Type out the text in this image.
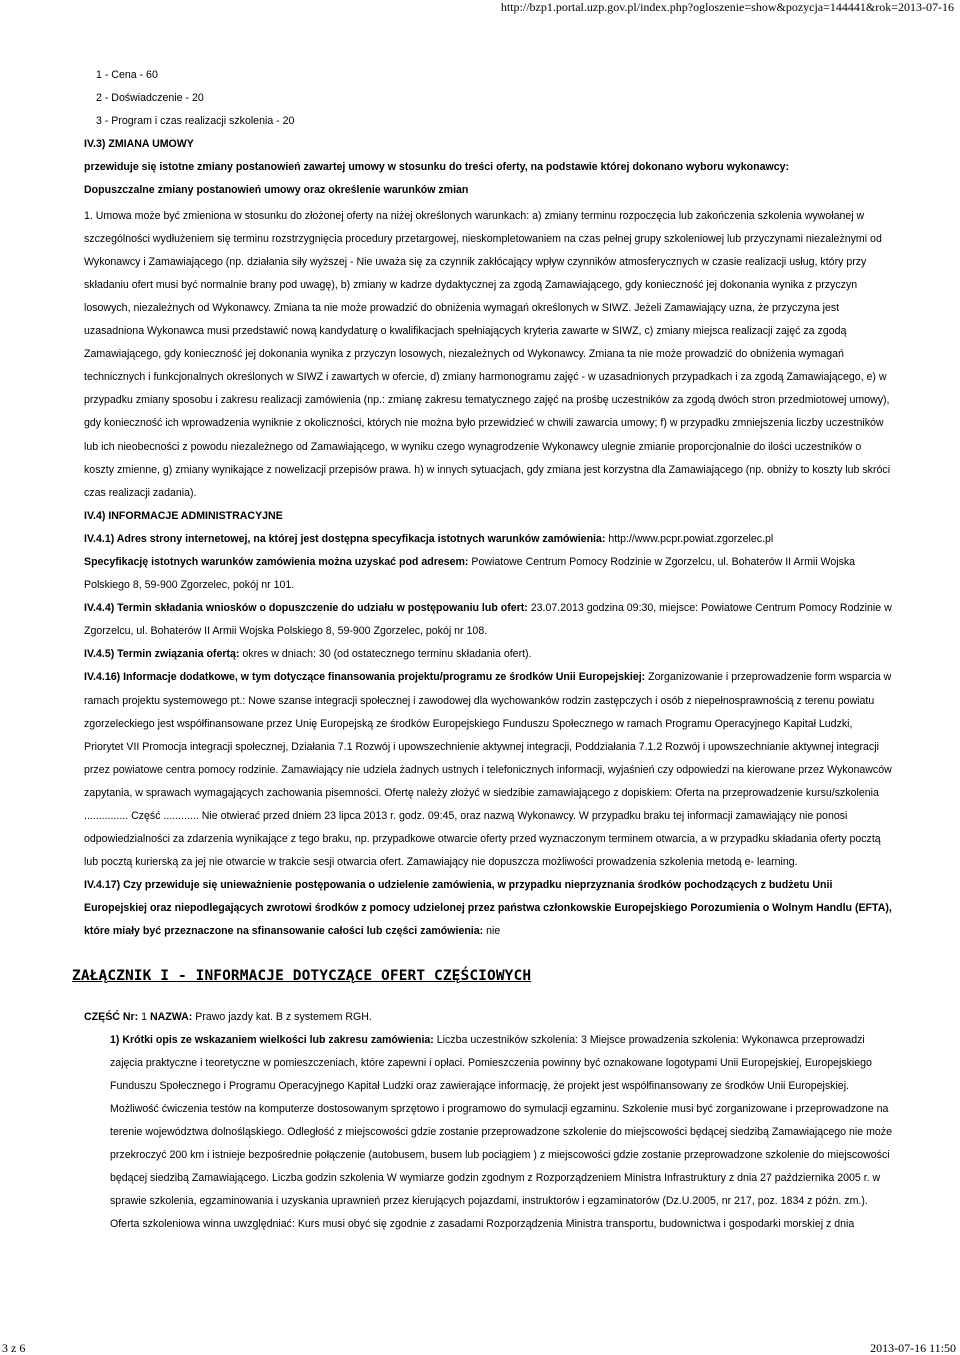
http://bzp1.portal.uzp.gov.pl/index.php?ogloszenie=show&pozycja=144441&rok=2013-07-16

1 - Cena - 60

2 - Doświadczenie - 20

3 - Program i czas realizacji szkolenia - 20

IV.3) ZMIANA UMOWY

przewiduje się istotne zmiany postanowień zawartej umowy w stosunku do treści oferty, na podstawie której dokonano wyboru wykonawcy:

Dopuszczalne zmiany postanowień umowy oraz określenie warunków zmian

1. Umowa może być zmieniona w stosunku do złożonej oferty na niżej określonych warunkach: a) zmiany terminu rozpoczęcia lub zakończenia szkolenia wywołanej w szczególności wydłużeniem się terminu rozstrzygnięcia procedury przetargowej, nieskompletowaniem na czas pełnej grupy szkoleniowej lub przyczynami niezależnymi od Wykonawcy i Zamawiającego (np. działania siły wyższej - Nie uważa się za czynnik zakłócający wpływ czynników atmosferycznych w czasie realizacji usług, który przy składaniu ofert musi być normalnie brany pod uwagę), b) zmiany w kadrze dydaktycznej za zgodą Zamawiającego, gdy konieczność jej dokonania wynika z przyczyn losowych, niezależnych od Wykonawcy. Zmiana ta nie może prowadzić do obniżenia wymagań określonych w SIWZ. Jeżeli Zamawiający uzna, że przyczyna jest uzasadniona Wykonawca musi przedstawić nową kandydaturę o kwalifikacjach spełniających kryteria zawarte w SIWZ, c) zmiany miejsca realizacji zajęć za zgodą Zamawiającego, gdy konieczność jej dokonania wynika z przyczyn losowych, niezależnych od Wykonawcy. Zmiana ta nie może prowadzić do obniżenia wymagań technicznych i funkcjonalnych określonych w SIWZ i zawartych w ofercie, d) zmiany harmonogramu zajęć - w uzasadnionych przypadkach i za zgodą Zamawiającego, e) w przypadku zmiany sposobu i zakresu realizacji zamówienia (np.: zmianę zakresu tematycznego zajęć na prośbę uczestników za zgodą dwóch stron przedmiotowej umowy), gdy konieczność ich wprowadzenia wyniknie z okoliczności, których nie można było przewidzieć w chwili zawarcia umowy; f) w przypadku zmniejszenia liczby uczestników lub ich nieobecności z powodu niezależnego od Zamawiającego, w wyniku czego wynagrodzenie Wykonawcy ulegnie zmianie proporcjonalnie do ilości uczestników o koszty zmienne, g) zmiany wynikające z nowelizacji przepisów prawa. h) w innych sytuacjach, gdy zmiana jest korzystna dla Zamawiającego (np. obniży to koszty lub skróci czas realizacji zadania).

IV.4) INFORMACJE ADMINISTRACYJNE

IV.4.1) Adres strony internetowej, na której jest dostępna specyfikacja istotnych warunków zamówienia: http://www.pcpr.powiat.zgorzelec.pl

Specyfikację istotnych warunków zamówienia można uzyskać pod adresem: Powiatowe Centrum Pomocy Rodzinie w Zgorzelcu, ul. Bohaterów II Armii Wojska Polskiego 8, 59-900 Zgorzelec, pokój nr 101.

IV.4.4) Termin składania wniosków o dopuszczenie do udziału w postępowaniu lub ofert: 23.07.2013 godzina 09:30, miejsce: Powiatowe Centrum Pomocy Rodzinie w Zgorzelcu, ul. Bohaterów II Armii Wojska Polskiego 8, 59-900 Zgorzelec, pokój nr 108.

IV.4.5) Termin związania ofertą: okres w dniach: 30 (od ostatecznego terminu składania ofert).

IV.4.16) Informacje dodatkowe, w tym dotyczące finansowania projektu/programu ze środków Unii Europejskiej: Zorganizowanie i przeprowadzenie form wsparcia w ramach projektu systemowego pt.: Nowe szanse integracji społecznej i zawodowej dla wychowanków rodzin zastępczych i osób z niepełnosprawnością z terenu powiatu zgorzeleckiego jest współfinansowane przez Unię Europejską ze środków Europejskiego Funduszu Społecznego w ramach Programu Operacyjnego Kapitał Ludzki, Priorytet VII Promocja integracji społecznej, Działania 7.1 Rozwój i upowszechnienie aktywnej integracji, Poddziałania 7.1.2 Rozwój i upowszechnianie aktywnej integracji przez powiatowe centra pomocy rodzinie. Zamawiający nie udziela żadnych ustnych i telefonicznych informacji, wyjaśnień czy odpowiedzi na kierowane przez Wykonawców zapytania, w sprawach wymagających zachowania pisemności. Ofertę należy złożyć w siedzibie zamawiającego z dopiskiem: Oferta na przeprowadzenie kursu/szkolenia ............... Część ............ Nie otwierać przed dniem 23 lipca 2013 r. godz. 09:45, oraz nazwą Wykonawcy. W przypadku braku tej informacji zamawiający nie ponosi odpowiedzialności za zdarzenia wynikające z tego braku, np. przypadkowe otwarcie oferty przed wyznaczonym terminem otwarcia, a w przypadku składania oferty pocztą lub pocztą kurierską za jej nie otwarcie w trakcie sesji otwarcia ofert. Zamawiający nie dopuszcza możliwości prowadzenia szkolenia metodą e- learning.

IV.4.17) Czy przewiduje się unieważnienie postępowania o udzielenie zamówienia, w przypadku nieprzyznania środków pochodzących z budżetu Unii Europejskiej oraz niepodlegających zwrotowi środków z pomocy udzielonej przez państwa członkowskie Europejskiego Porozumienia o Wolnym Handlu (EFTA), które miały być przeznaczone na sfinansowanie całości lub części zamówienia: nie

ZAŁĄCZNIK I - INFORMACJE DOTYCZĄCE OFERT CZĘŚCIOWYCH

CZĘŚĆ Nr: 1 NAZWA: Prawo jazdy kat. B z systemem RGH.

1) Krótki opis ze wskazaniem wielkości lub zakresu zamówienia: Liczba uczestników szkolenia: 3 Miejsce prowadzenia szkolenia: Wykonawca przeprowadzi zajęcia praktyczne i teoretyczne w pomieszczeniach, które zapewni i opłaci. Pomieszczenia powinny być oznakowane logotypami Unii Europejskiej, Europejskiego Funduszu Społecznego i Programu Operacyjnego Kapitał Ludzki oraz zawierające informację, że projekt jest współfinansowany ze środków Unii Europejskiej. Możliwość ćwiczenia testów na komputerze dostosowanym sprzętowo i programowo do symulacji egzaminu. Szkolenie musi być zorganizowane i przeprowadzone na terenie województwa dolnośląskiego. Odległość z miejscowości gdzie zostanie przeprowadzone szkolenie do miejscowości będącej siedzibą Zamawiającego nie może przekroczyć 200 km i istnieje bezpośrednie połączenie (autobusem, busem lub pociągiem ) z miejscowości gdzie zostanie przeprowadzone szkolenie do miejscowości będącej siedzibą Zamawiającego. Liczba godzin szkolenia W wymiarze godzin zgodnym z Rozporządzeniem Ministra Infrastruktury z dnia 27 października 2005 r. w sprawie szkolenia, egzaminowania i uzyskania uprawnień przez kierujących pojazdami, instruktorów i egzaminatorów (Dz.U.2005, nr 217, poz. 1834 z późn. zm.). Oferta szkoleniowa winna uwzględniać: Kurs musi obyć się zgodnie z zasadami Rozporządzenia Ministra transportu, budownictwa i gospodarki morskiej z dnia

3 z 6	2013-07-16 11:50
